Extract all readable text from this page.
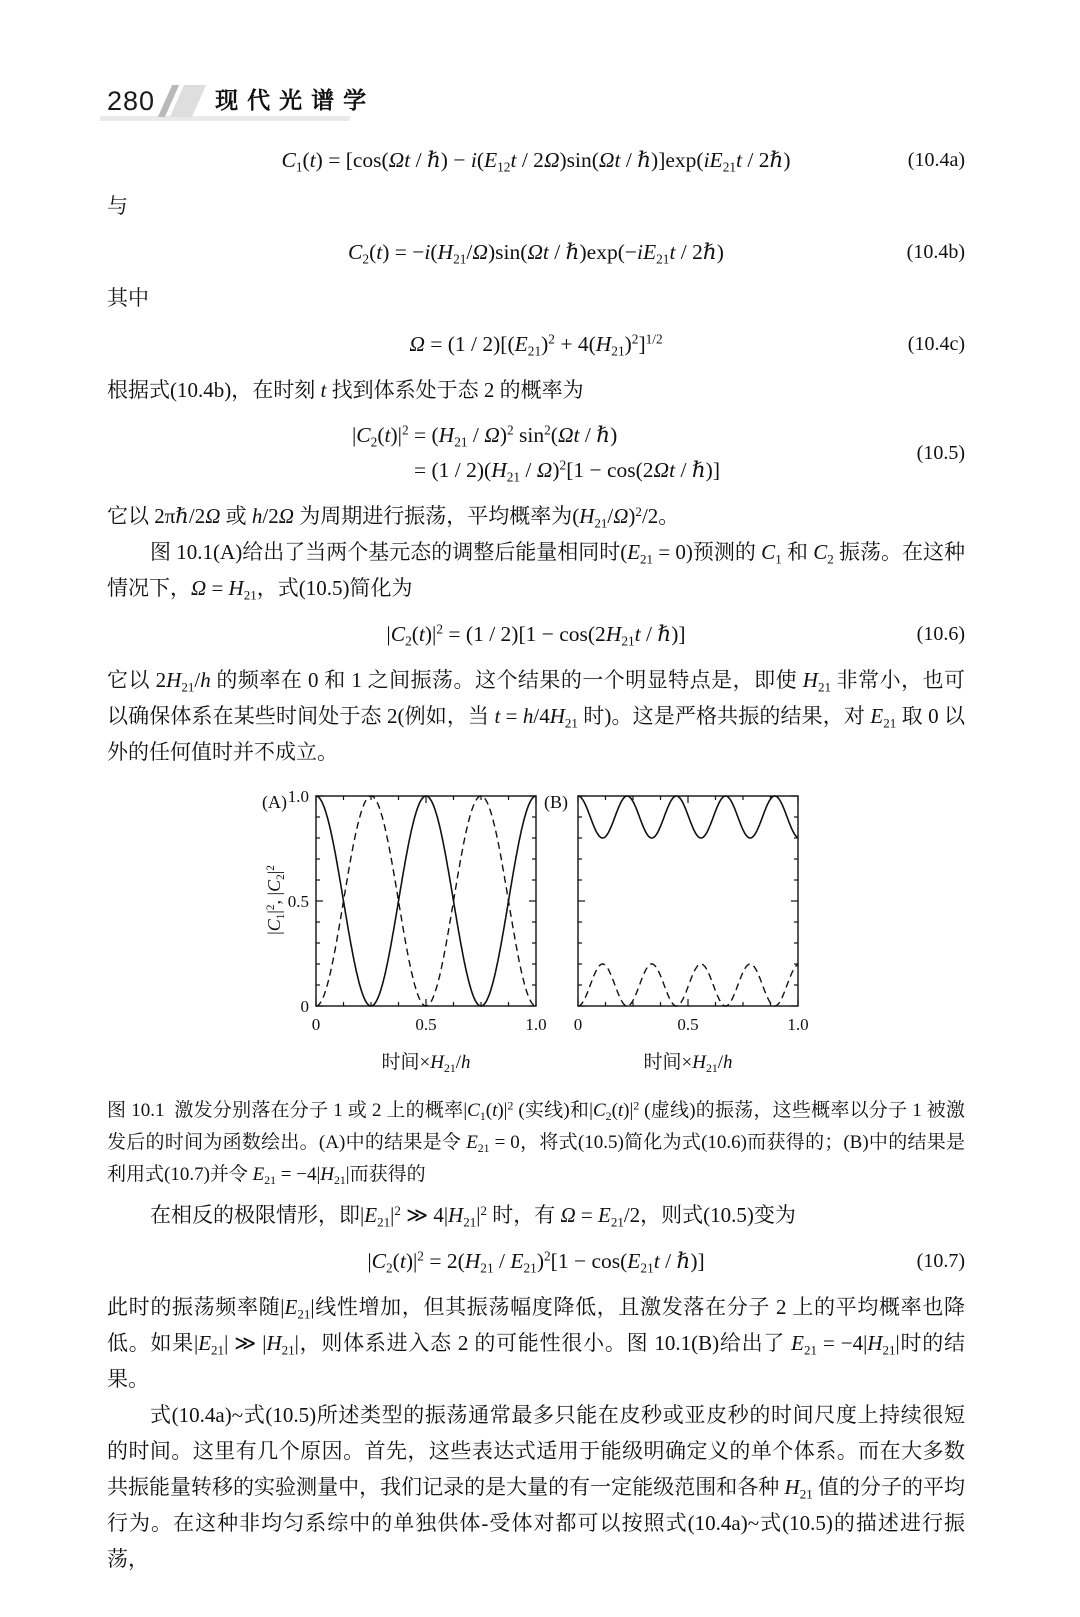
280	现代光谱学
$C_1(t) = [\cos(\Omega t$ / ℏ) − $i(E_{12}t / 2\Omega)\sin(\Omega t$ / $\hbar)]\exp(iE_{21}t$ / 2ℏ)	(10.4a)

与

$C_2(t) = -i(H_{21}/\Omega)\sin(\Omega t$ / $\hbar)\exp(-iE_{21}t$ / 2ℏ)	(10.4b)

其中

$\Omega = (1 / 2)[(E_{21})^2 + 4(H_{21})^2]^{1/2}$	(10.4c)

根据式(10.4b)，在时刻 t 找到体系处于态 2 的概率为

$|C_2(t)|^2 = (H_{21} / \Omega)^2$ $\sin^2(\Omega t$ / ℏ)
= $(1 / 2)(H_{21} / \Omega)^2[1 - \cos(2\Omega t$ / ℏ)]
(10.5)

它以 2πℏ/2Ω 或 h/2Ω 为周期进行振荡，平均概率为$(H_{21}/\Omega)^2/2$。

图 10.1(A)给出了当两个基元态的调整后能量相同时$(E_{21} = 0)$预测的 $C_1$ 和 $C_2$ 振荡。在这种情况下，$\Omega = H_{21}$，式(10.5)简化为

$|C_2(t)|^2 = (1 / 2)[1 - \cos(2H_{21}t$ / ℏ)]	(10.6)

它以 $2H_{21}/h$ 的频率在 0 和 1 之间振荡。这个结果的一个明显特点是，即使 $H_{21}$ 非常小，也可以确保体系在某些时间处于态 2(例如，当 $t = h/4H_{21}$ 时)。这是严格共振的结果，对 $E_{21}$ 取 0 以外的任何值时并不成立。

(A)
$|C_1|^2$, $|C_2|^2$
0	0.5	1.0
0
0.5
1.0
时间$\times H_{21}/h$
(B)
0	0.5	1.0
时间$\times H_{21}/h$
图 10.1  激发分别落在分子 1 或 2 上的概率$|C_1(t)|^2$ (实线)和$|C_2(t)|^2$ (虚线)的振荡，这些概率以分子 1 被激发后的时间为函数绘出。(A)中的结果是令 $E_{21} = 0$，将式(10.5)简化为式(10.6)而获得的；(B)中的结果是利用式(10.7)并令 $E_{21} = -4|H_{21}|$而获得的

在相反的极限情形，即$|E_{21}|^2$ ≫ $4|H_{21}|^2$ 时，有 $\Omega = E_{21}/2$，则式(10.5)变为

$|C_2(t)|^2 = 2(H_{21} / E_{21})^2[1 - \cos(E_{21}t$ / ℏ)]	(10.7)

此时的振荡频率随$|E_{21}|$线性增加，但其振荡幅度降低，且激发落在分子 2 上的平均概率也降低。如果$|E_{21}|$ ≫ $|H_{21}|$，则体系进入态 2 的可能性很小。图 10.1(B)给出了 $E_{21} = -4|H_{21}|$时的结果。

式(10.4a)~式(10.5)所述类型的振荡通常最多只能在皮秒或亚皮秒的时间尺度上持续很短的时间。这里有几个原因。首先，这些表达式适用于能级明确定义的单个体系。而在大多数共振能量转移的实验测量中，我们记录的是大量的有一定能级范围和各种 $H_{21}$ 值的分子的平均行为。在这种非均匀系综中的单独供体-受体对都可以按照式(10.4a)~式(10.5)的描述进行振荡，
